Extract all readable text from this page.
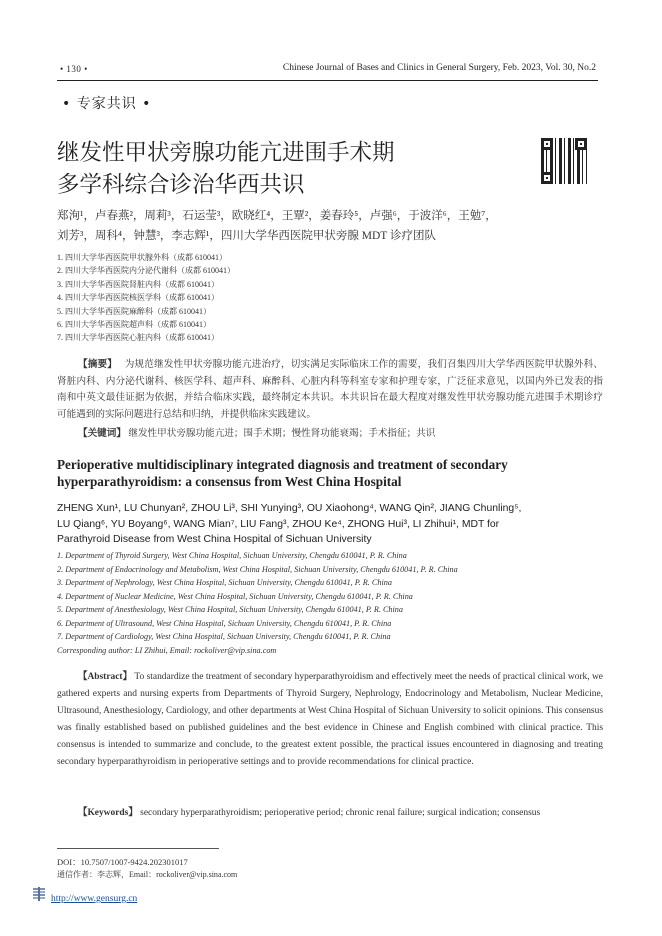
• 130 •	Chinese Journal of Bases and Clinics in General Surgery, Feb. 2023, Vol. 30, No.2
• 专家共识 •
继发性甲状旁腺功能亢进围手术期
多学科综合诊治华西共识
郑洵¹，卢春燕²，周莉³，石运莹³，欧晓红⁴，王覃²，姜春玲⁵，卢强⁶，于波洋⁶，王勉⁷，
刘芳³，周科⁴，钟慧³，李志辉¹，四川大学华西医院甲状旁腺 MDT 诊疗团队
1. 四川大学华西医院甲状腺外科（成都 610041）
2. 四川大学华西医院内分泌代谢科（成都 610041）
3. 四川大学华西医院肾脏内科（成都 610041）
4. 四川大学华西医院核医学科（成都 610041）
5. 四川大学华西医院麻醉科（成都 610041）
6. 四川大学华西医院超声科（成都 610041）
7. 四川大学华西医院心脏内科（成都 610041）
【摘要】 为规范继发性甲状旁腺功能亢进治疗，切实满足实际临床工作的需要，我们召集四川大学华西医院甲状腺外科、肾脏内科、内分泌代谢科、核医学科、超声科、麻醉科、心脏内科等科室专家和护理专家，广泛征求意见，以国内外已发表的指南和中英文最佳证据为依据，并结合临床实践，最终制定本共识。本共识旨在最大程度对继发性甲状旁腺功能亢进围手术期诊疗可能遇到的实际问题进行总结和归纳，并提供临床实践建议。
【关键词】 继发性甲状旁腺功能亢进；围手术期；慢性肾功能衰竭；手术指征；共识
Perioperative multidisciplinary integrated diagnosis and treatment of secondary hyperparathyroidism: a consensus from West China Hospital
ZHENG Xun¹, LU Chunyan², ZHOU Li³, SHI Yunying³, OU Xiaohong⁴, WANG Qin², JIANG Chunling⁵,
LU Qiang⁶, YU Boyang⁶, WANG Mian⁷, LIU Fang³, ZHOU Ke⁴, ZHONG Hui³, LI Zhihui¹, MDT for
Parathyroid Disease from West China Hospital of Sichuan University
1. Department of Thyroid Surgery, West China Hospital, Sichuan University, Chengdu 610041, P. R. China
2. Department of Endocrinology and Metabolism, West China Hospital, Sichuan University, Chengdu 610041, P. R. China
3. Department of Nephrology, West China Hospital, Sichuan University, Chengdu 610041, P. R. China
4. Department of Nuclear Medicine, West China Hospital, Sichuan University, Chengdu 610041, P. R. China
5. Department of Anesthesiology, West China Hospital, Sichuan University, Chengdu 610041, P. R. China
6. Department of Ultrasound, West China Hospital, Sichuan University, Chengdu 610041, P. R. China
7. Department of Cardiology, West China Hospital, Sichuan University, Chengdu 610041, P. R. China
Corresponding author: LI Zhihui, Email: rockoliver@vip.sina.com
【Abstract】 To standardize the treatment of secondary hyperparathyroidism and effectively meet the needs of practical clinical work, we gathered experts and nursing experts from Departments of Thyroid Surgery, Nephrology, Endocrinology and Metabolism, Nuclear Medicine, Ultrasound, Anesthesiology, Cardiology, and other departments at West China Hospital of Sichuan University to solicit opinions. This consensus was finally established based on published guidelines and the best evidence in Chinese and English combined with clinical practice. This consensus is intended to summarize and conclude, to the greatest extent possible, the practical issues encountered in diagnosing and treating secondary hyperparathyroidism in perioperative settings and to provide recommendations for clinical practice.
【Keywords】 secondary hyperparathyroidism; perioperative period; chronic renal failure; surgical indication; consensus
DOI：10.7507/1007-9424.202301017
通信作者：李志辉，Email：rockoliver@vip.sina.com
http://www.gensurg.cn
